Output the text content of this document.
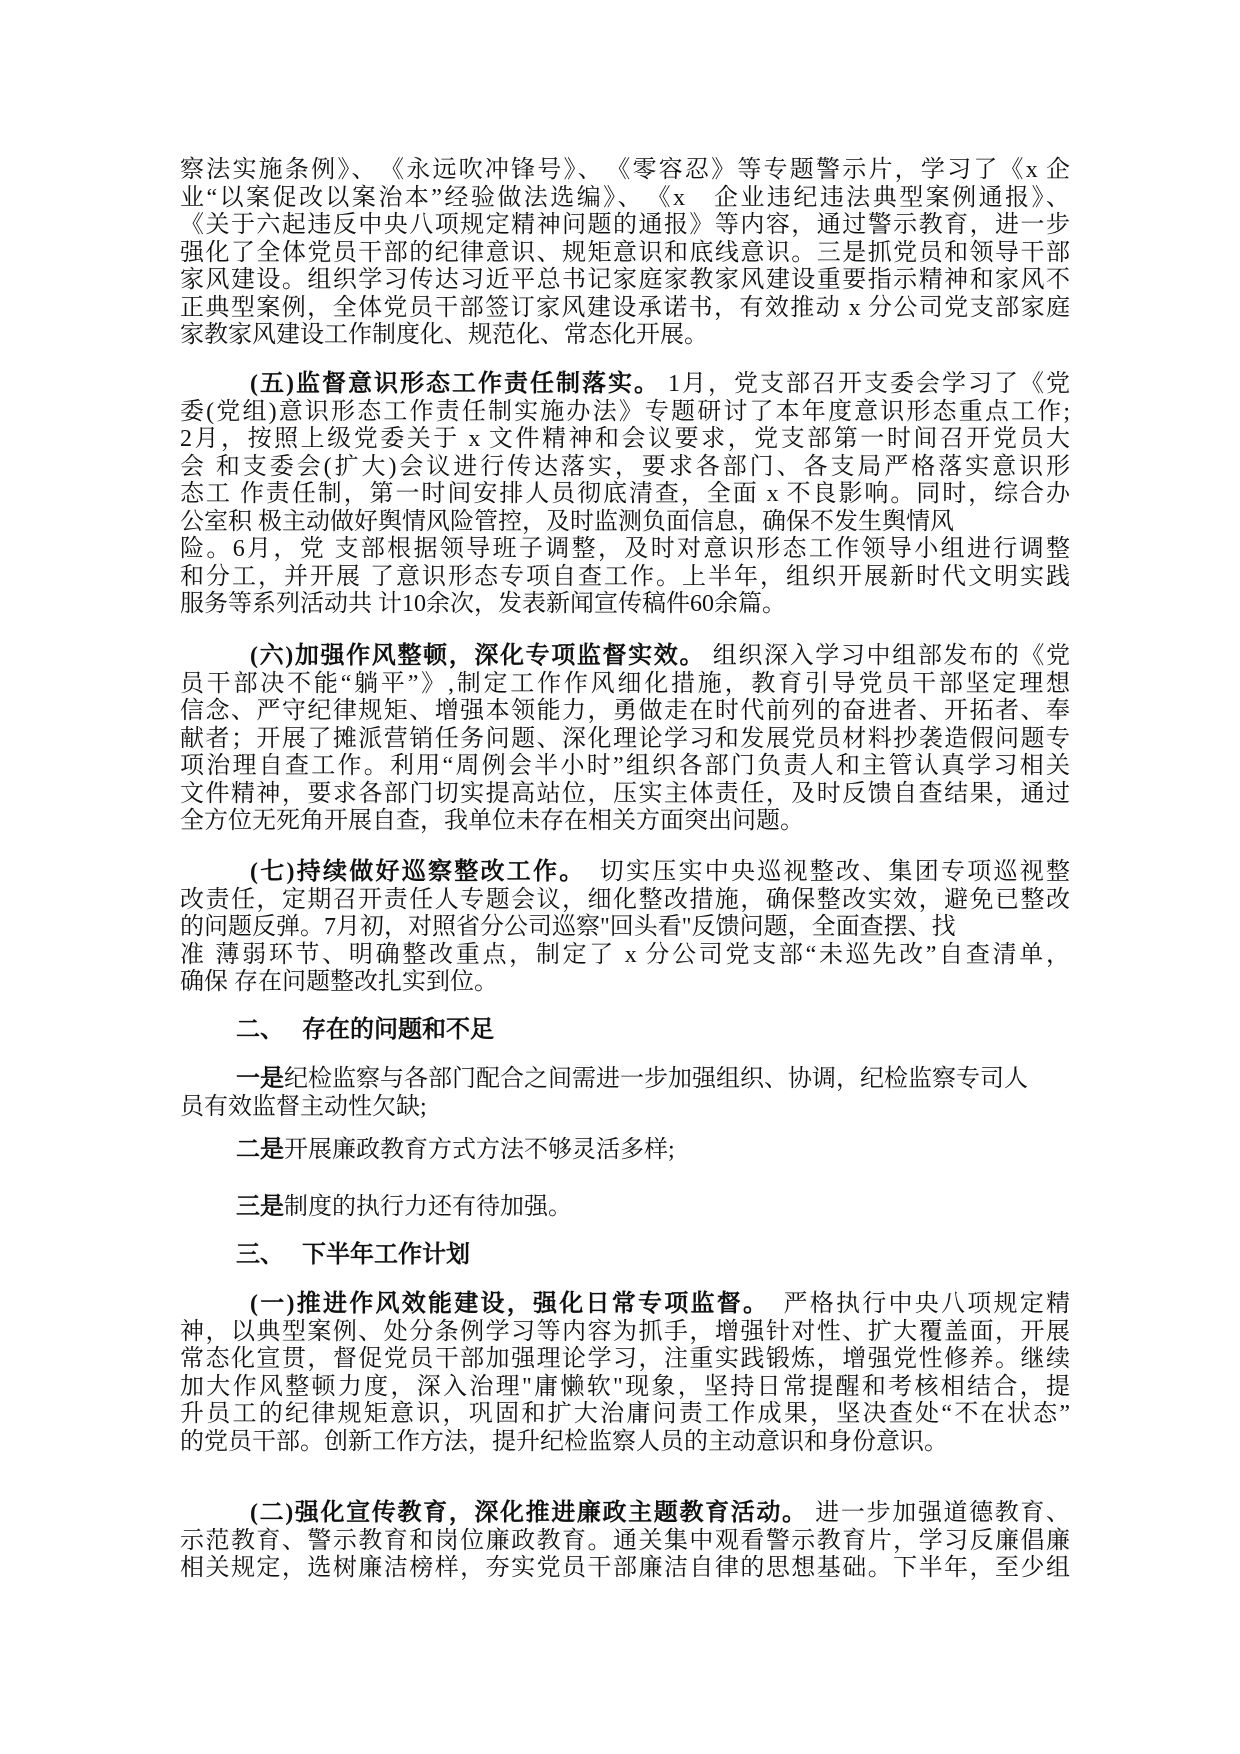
察法实施条例》、　《永远吹冲锋号》、　《零容忍》等专题警示片，学习了《x 企
业“以案促改以案治本”经验做法选编》、　《x　企业违纪违法典型案例通报》、
《关于六起违反中央八项规定精神问题的通报》等内容，通过警示教育，进一步
强化了全体党员干部的纪律意识、规矩意识和底线意识。三是抓党员和领导干部
家风建设。组织学习传达习近平总书记家庭家教家风建设重要指示精神和家风不
正典型案例，全体党员干部签订家风建设承诺书，有效推动 x 分公司党支部家庭
家教家风建设工作制度化、规范化、常态化开展。
(五)监督意识形态工作责任制落实。 1月，党支部召开支委会学习了《党
委(党组)意识形态工作责任制实施办法》专题研讨了本年度意识形态重点工作;
2月，按照上级党委关于 x 文件精神和会议要求，党支部第一时间召开党员大
会 和支委会(扩大)会议进行传达落实，要求各部门、各支局严格落实意识形
态工 作责任制，第一时间安排人员彻底清查，全面 x 不良影响。同时，综合办
公室积 极主动做好舆情风险管控，及时监测负面信息，确保不发生舆情风
险。6月，党 支部根据领导班子调整，及时对意识形态工作领导小组进行调整
和分工，并开展 了意识形态专项自查工作。上半年，组织开展新时代文明实践
服务等系列活动共 计10余次，发表新闻宣传稿件60余篇。
(六)加强作风整顿，深化专项监督实效。 组织深入学习中组部发布的《党
员干部决不能“躺平”》,制定工作作风细化措施，教育引导党员干部坚定理想
信念、严守纪律规矩、增强本领能力，勇做走在时代前列的奋进者、开拓者、奉
献者；开展了摊派营销任务问题、深化理论学习和发展党员材料抄袭造假问题专
项治理自查工作。利用“周例会半小时”组织各部门负责人和主管认真学习相关
文件精神，要求各部门切实提高站位，压实主体责任，及时反馈自查结果，通过
全方位无死角开展自查，我单位未存在相关方面突出问题。
(七)持续做好巡察整改工作。　切实压实中央巡视整改、集团专项巡视整
改责任，定期召开责任人专题会议，细化整改措施，确保整改实效，避免已整改
的问题反弹。7月初，对照省分公司巡察"回头看"反馈问题，全面查摆、找
准 薄弱环节、明确整改重点，制定了 x 分公司党支部“未巡先改”自查清单，
确保 存在问题整改扎实到位。
二、 存在的问题和不足
一是纪检监察与各部门配合之间需进一步加强组织、协调，纪检监察专司人
员有效监督主动性欠缺;
二是开展廉政教育方式方法不够灵活多样;
三是制度的执行力还有待加强。
三、 下半年工作计划
(一)推进作风效能建设，强化日常专项监督。　严格执行中央八项规定精
神，以典型案例、处分条例学习等内容为抓手，增强针对性、扩大覆盖面，开展
常态化宣贯，督促党员干部加强理论学习，注重实践锻炼，增强党性修养。继续
加大作风整顿力度，深入治理"庸懒软"现象，坚持日常提醒和考核相结合，提
升员工的纪律规矩意识，巩固和扩大治庸问责工作成果，坚决查处“不在状态”
的党员干部。创新工作方法，提升纪检监察人员的主动意识和身份意识。
(二)强化宣传教育，深化推进廉政主题教育活动。 进一步加强道德教育、
示范教育、警示教育和岗位廉政教育。通关集中观看警示教育片，学习反廉倡廉
相关规定，选树廉洁榜样，夯实党员干部廉洁自律的思想基础。下半年，至少组
